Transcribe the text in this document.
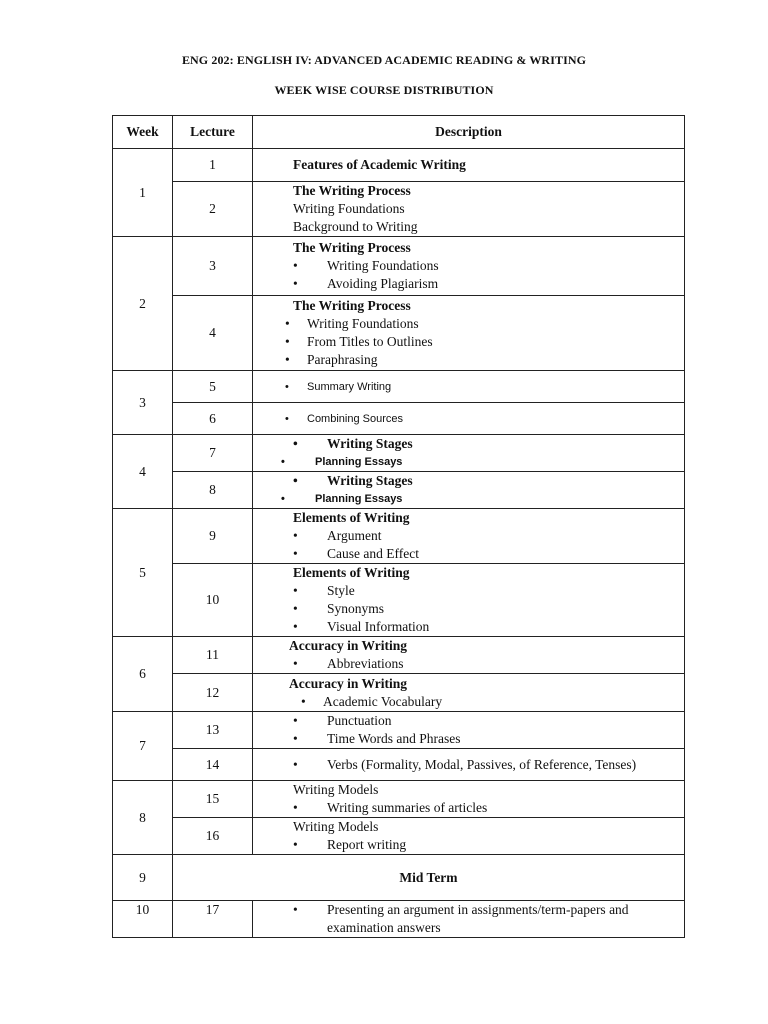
ENG 202: ENGLISH IV: ADVANCED ACADEMIC READING & WRITING
WEEK WISE COURSE DISTRIBUTION
Week	Lecture	Description
1	1	Features of Academic Writing

	2	The Writing Process
Writing Foundations
Background to Writing

2	3	The Writing Process
• Writing Foundations
• Avoiding Plagiarism

	4	The Writing Process
• Writing Foundations
• From Titles to Outlines
• Paraphrasing

3	5	• Summary Writing

	6	• Combining Sources

4	7	• Writing Stages
• Planning Essays

	8	• Writing Stages
• Planning Essays

5	9	Elements of Writing
• Argument
• Cause and Effect

	10	Elements of Writing
• Style
• Synonyms
• Visual Information

6	11	Accuracy in Writing
• Abbreviations

	12	Accuracy in Writing
• Academic Vocabulary

7	13	• Punctuation
• Time Words and Phrases

	14	• Verbs (Formality, Modal, Passives, of Reference, Tenses)

8	15	Writing Models
• Writing summaries of articles

	16	Writing Models
• Report writing

9	Mid Term	
10	17	• Presenting an argument in assignments/term-papers and examination answers
